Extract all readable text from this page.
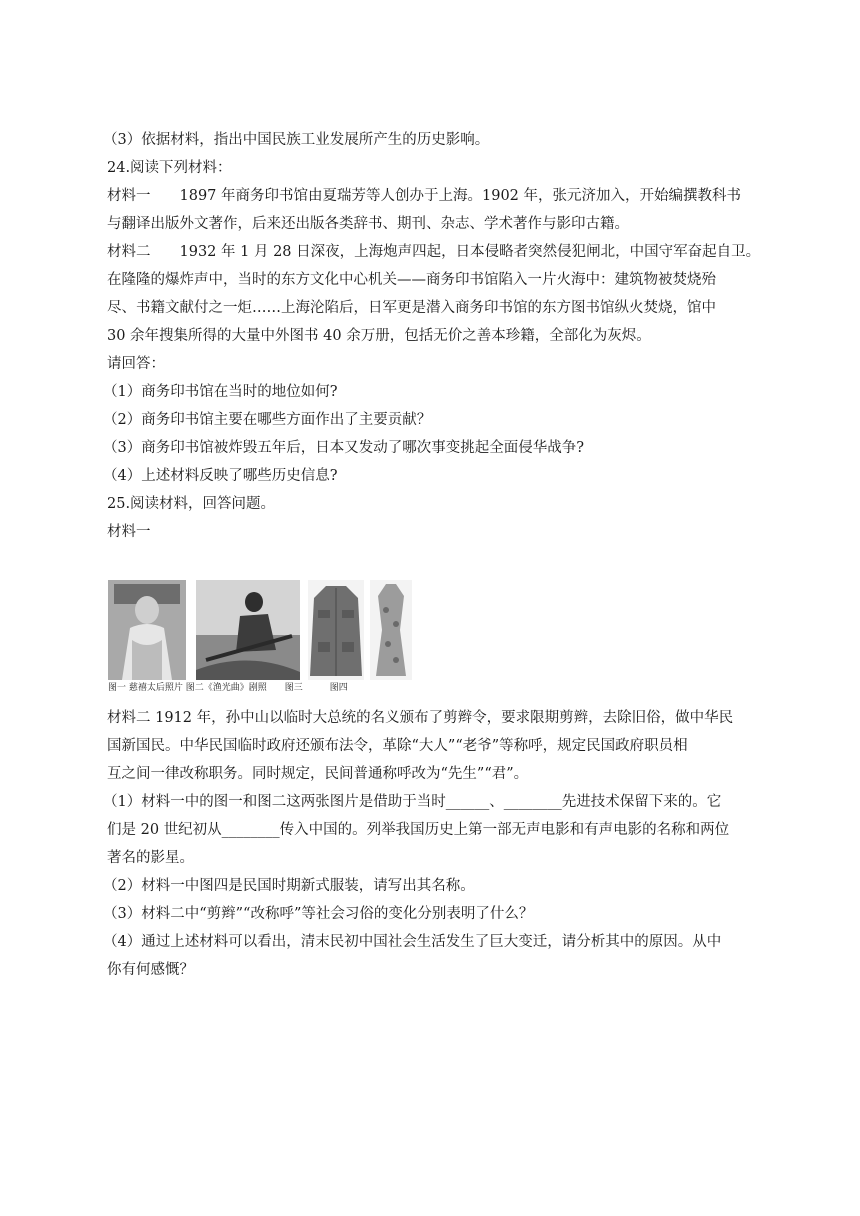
（3）依据材料，指出中国民族工业发展所产生的历史影响。
24.阅读下列材料：
材料一　　1897 年商务印书馆由夏瑞芳等人创办于上海。1902 年，张元济加入，开始编撰教科书
与翻译出版外文著作，后来还出版各类辞书、期刊、杂志、学术著作与影印古籍。
材料二　　1932 年 1 月 28 日深夜，上海炮声四起，日本侵略者突然侵犯闸北，中国守军奋起自卫。
在隆隆的爆炸声中，当时的东方文化中心机关——商务印书馆陷入一片火海中：建筑物被焚烧殆
尽、书籍文献付之一炬……上海沦陷后，日军更是潜入商务印书馆的东方图书馆纵火焚烧，馆中
30 余年搜集所得的大量中外图书 40 余万册，包括无价之善本珍籍，全部化为灰烬。
请回答：
（1）商务印书馆在当时的地位如何?
（2）商务印书馆主要在哪些方面作出了主要贡献？
（3）商务印书馆被炸毁五年后，日本又发动了哪次事变挑起全面侵华战争?
（4）上述材料反映了哪些历史信息?
25.阅读材料，回答问题。
材料一
图一 慈禧太后照片 图二《渔光曲》剧照　　图三　　　图四
材料二 1912 年，孙中山以临时大总统的名义颁布了剪辫令，要求限期剪辫，去除旧俗，做中华民
国新国民。中华民国临时政府还颁布法令，革除“大人”“老爷”等称呼，规定民国政府职员相
互之间一律改称职务。同时规定，民间普通称呼改为“先生”“君”。
（1）材料一中的图一和图二这两张图片是借助于当时______、________先进技术保留下来的。它
们是 20 世纪初从________传入中国的。列举我国历史上第一部无声电影和有声电影的名称和两位
著名的影星。
（2）材料一中图四是民国时期新式服装，请写出其名称。
（3）材料二中“剪辫”“改称呼”等社会习俗的变化分别表明了什么？
（4）通过上述材料可以看出，清末民初中国社会生活发生了巨大变迁，请分析其中的原因。从中
你有何感慨？
